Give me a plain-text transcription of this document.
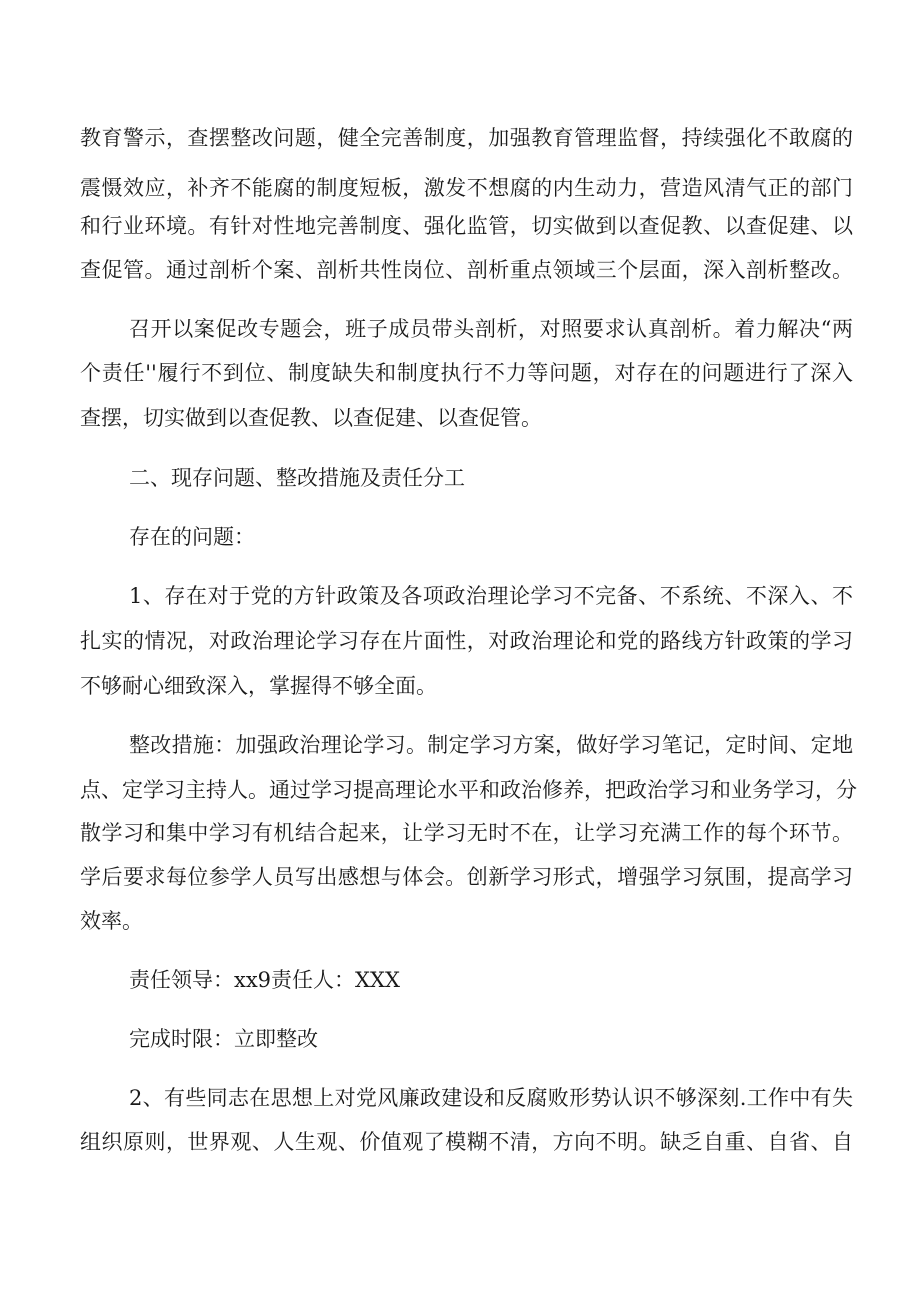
教育警示，查摆整改问题，健全完善制度，加强教育管理监督，持续强化不敢腐的
震慑效应，补齐不能腐的制度短板，激发不想腐的内生动力，营造风清气正的部门
和行业环境。有针对性地完善制度、强化监管，切实做到以查促教、以查促建、以
查促管。通过剖析个案、剖析共性岗位、剖析重点领域三个层面，深入剖析整改。
召开以案促改专题会，班子成员带头剖析，对照要求认真剖析。着力解决“两
个责任''履行不到位、制度缺失和制度执行不力等问题，对存在的问题进行了深入
查摆，切实做到以查促教、以查促建、以查促管。
二、现存问题、整改措施及责任分工
存在的问题：
1、存在对于党的方针政策及各项政治理论学习不完备、不系统、不深入、不
扎实的情况，对政治理论学习存在片面性，对政治理论和党的路线方针政策的学习
不够耐心细致深入，掌握得不够全面。
整改措施：加强政治理论学习。制定学习方案，做好学习笔记，定时间、定地
点、定学习主持人。通过学习提高理论水平和政治修养，把政治学习和业务学习，分
散学习和集中学习有机结合起来，让学习无时不在，让学习充满工作的每个环节。
学后要求每位参学人员写出感想与体会。创新学习形式，增强学习氛围，提高学习
效率。
责任领导：xx9责任人：XXX
完成时限：立即整改
2、有些同志在思想上对党风廉政建设和反腐败形势认识不够深刻.工作中有失
组织原则，世界观、人生观、价值观了模糊不清，方向不明。缺乏自重、自省、自
